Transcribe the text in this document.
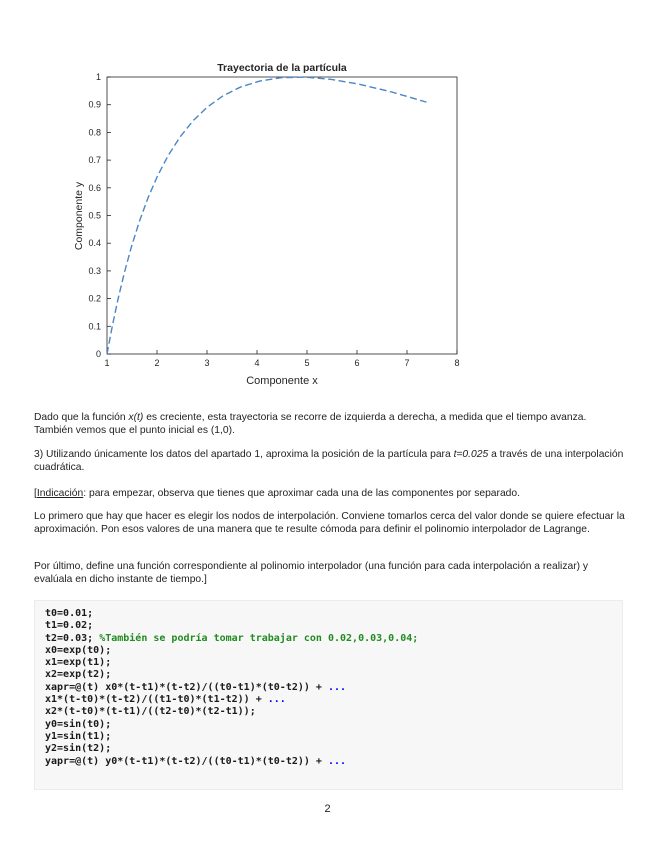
Trayectoria de la partícula
1	2	3	4	5	6	7	8
0
0.1
0.2
0.3
0.4
0.5
0.6
0.7
0.8
0.9
1
Componente x
Componente y

Dado que la función x(t) es creciente, esta trayectoria se recorre de izquierda a derecha, a medida que el tiempo avanza. También vemos que el punto inicial es (1,0).

3) Utilizando únicamente los datos del apartado 1, aproxima la posición de la partícula para t=0.025 a través de una interpolación cuadrática.

[Indicación: para empezar, observa que tienes que aproximar cada una de las componentes por separado.

Lo primero que hay que hacer es elegir los nodos de interpolación. Conviene tomarlos cerca del valor donde se quiere efectuar la aproximación. Pon esos valores de una manera que te resulte cómoda para definir el polinomio interpolador de Lagrange.

Por último, define una función correspondiente al polinomio interpolador (una función para cada interpolación a realizar) y evalúala en dicho instante de tiempo.]

t0=0.01;
t1=0.02;
t2=0.03; %También se podría tomar trabajar con 0.02,0.03,0.04;
x0=exp(t0);
x1=exp(t1);
x2=exp(t2);
xapr=@(t) x0*(t-t1)*(t-t2)/((t0-t1)*(t0-t2)) + ...
x1*(t-t0)*(t-t2)/((t1-t0)*(t1-t2)) + ...
x2*(t-t0)*(t-t1)/((t2-t0)*(t2-t1));
y0=sin(t0);
y1=sin(t1);
y2=sin(t2);
yapr=@(t) y0*(t-t1)*(t-t2)/((t0-t1)*(t0-t2)) + ...
2
